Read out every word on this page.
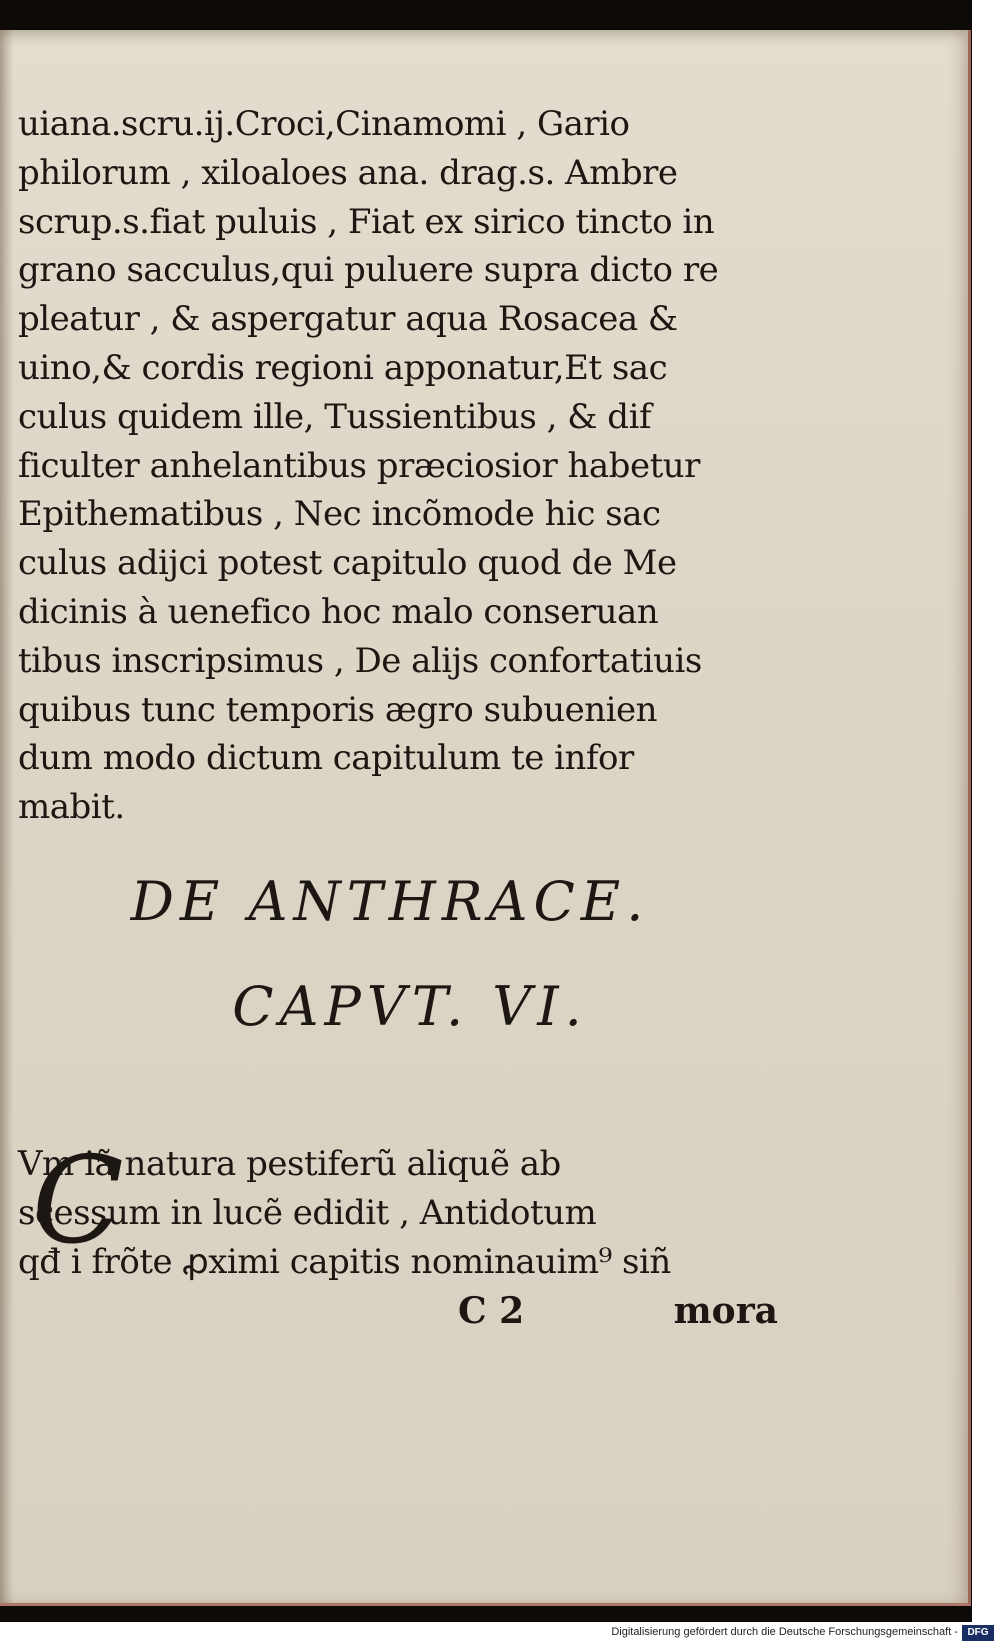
uiana.scru.ij.Croci,Cinamomi , Gario
philorum , xiloaloes ana. drag.s. Ambre
scrup.s.fiat puluis , Fiat ex sirico tincto in
grano sacculus,qui puluere supra dicto re
pleatur , & aspergatur aqua Rosacea &
uino,& cordis regioni apponatur,Et sac
culus quidem ille, Tussientibus , & dif
ficulter anhelantibus præciosior habetur
Epithematibus , Nec incõmode hic sac
culus adijci potest capitulo quod de Me
dicinis à uenefico hoc malo conseruan
tibus inscripsimus , De alijs confortatiuis
quibus tunc temporis ægro subuenien
dum modo dictum capitulum te infor
mabit.
DE ANTHRACE.
CAPVT. VI.
C
Vm iã natura pestiferũ aliquẽ ab
scessum in lucẽ edidit , Antidotum
qđ i frõte ꝓximi capitis nominauim⁹ siñ
C 2	mora
Digitalisierung gefördert durch die Deutsche Forschungsgemeinschaft - DFG
